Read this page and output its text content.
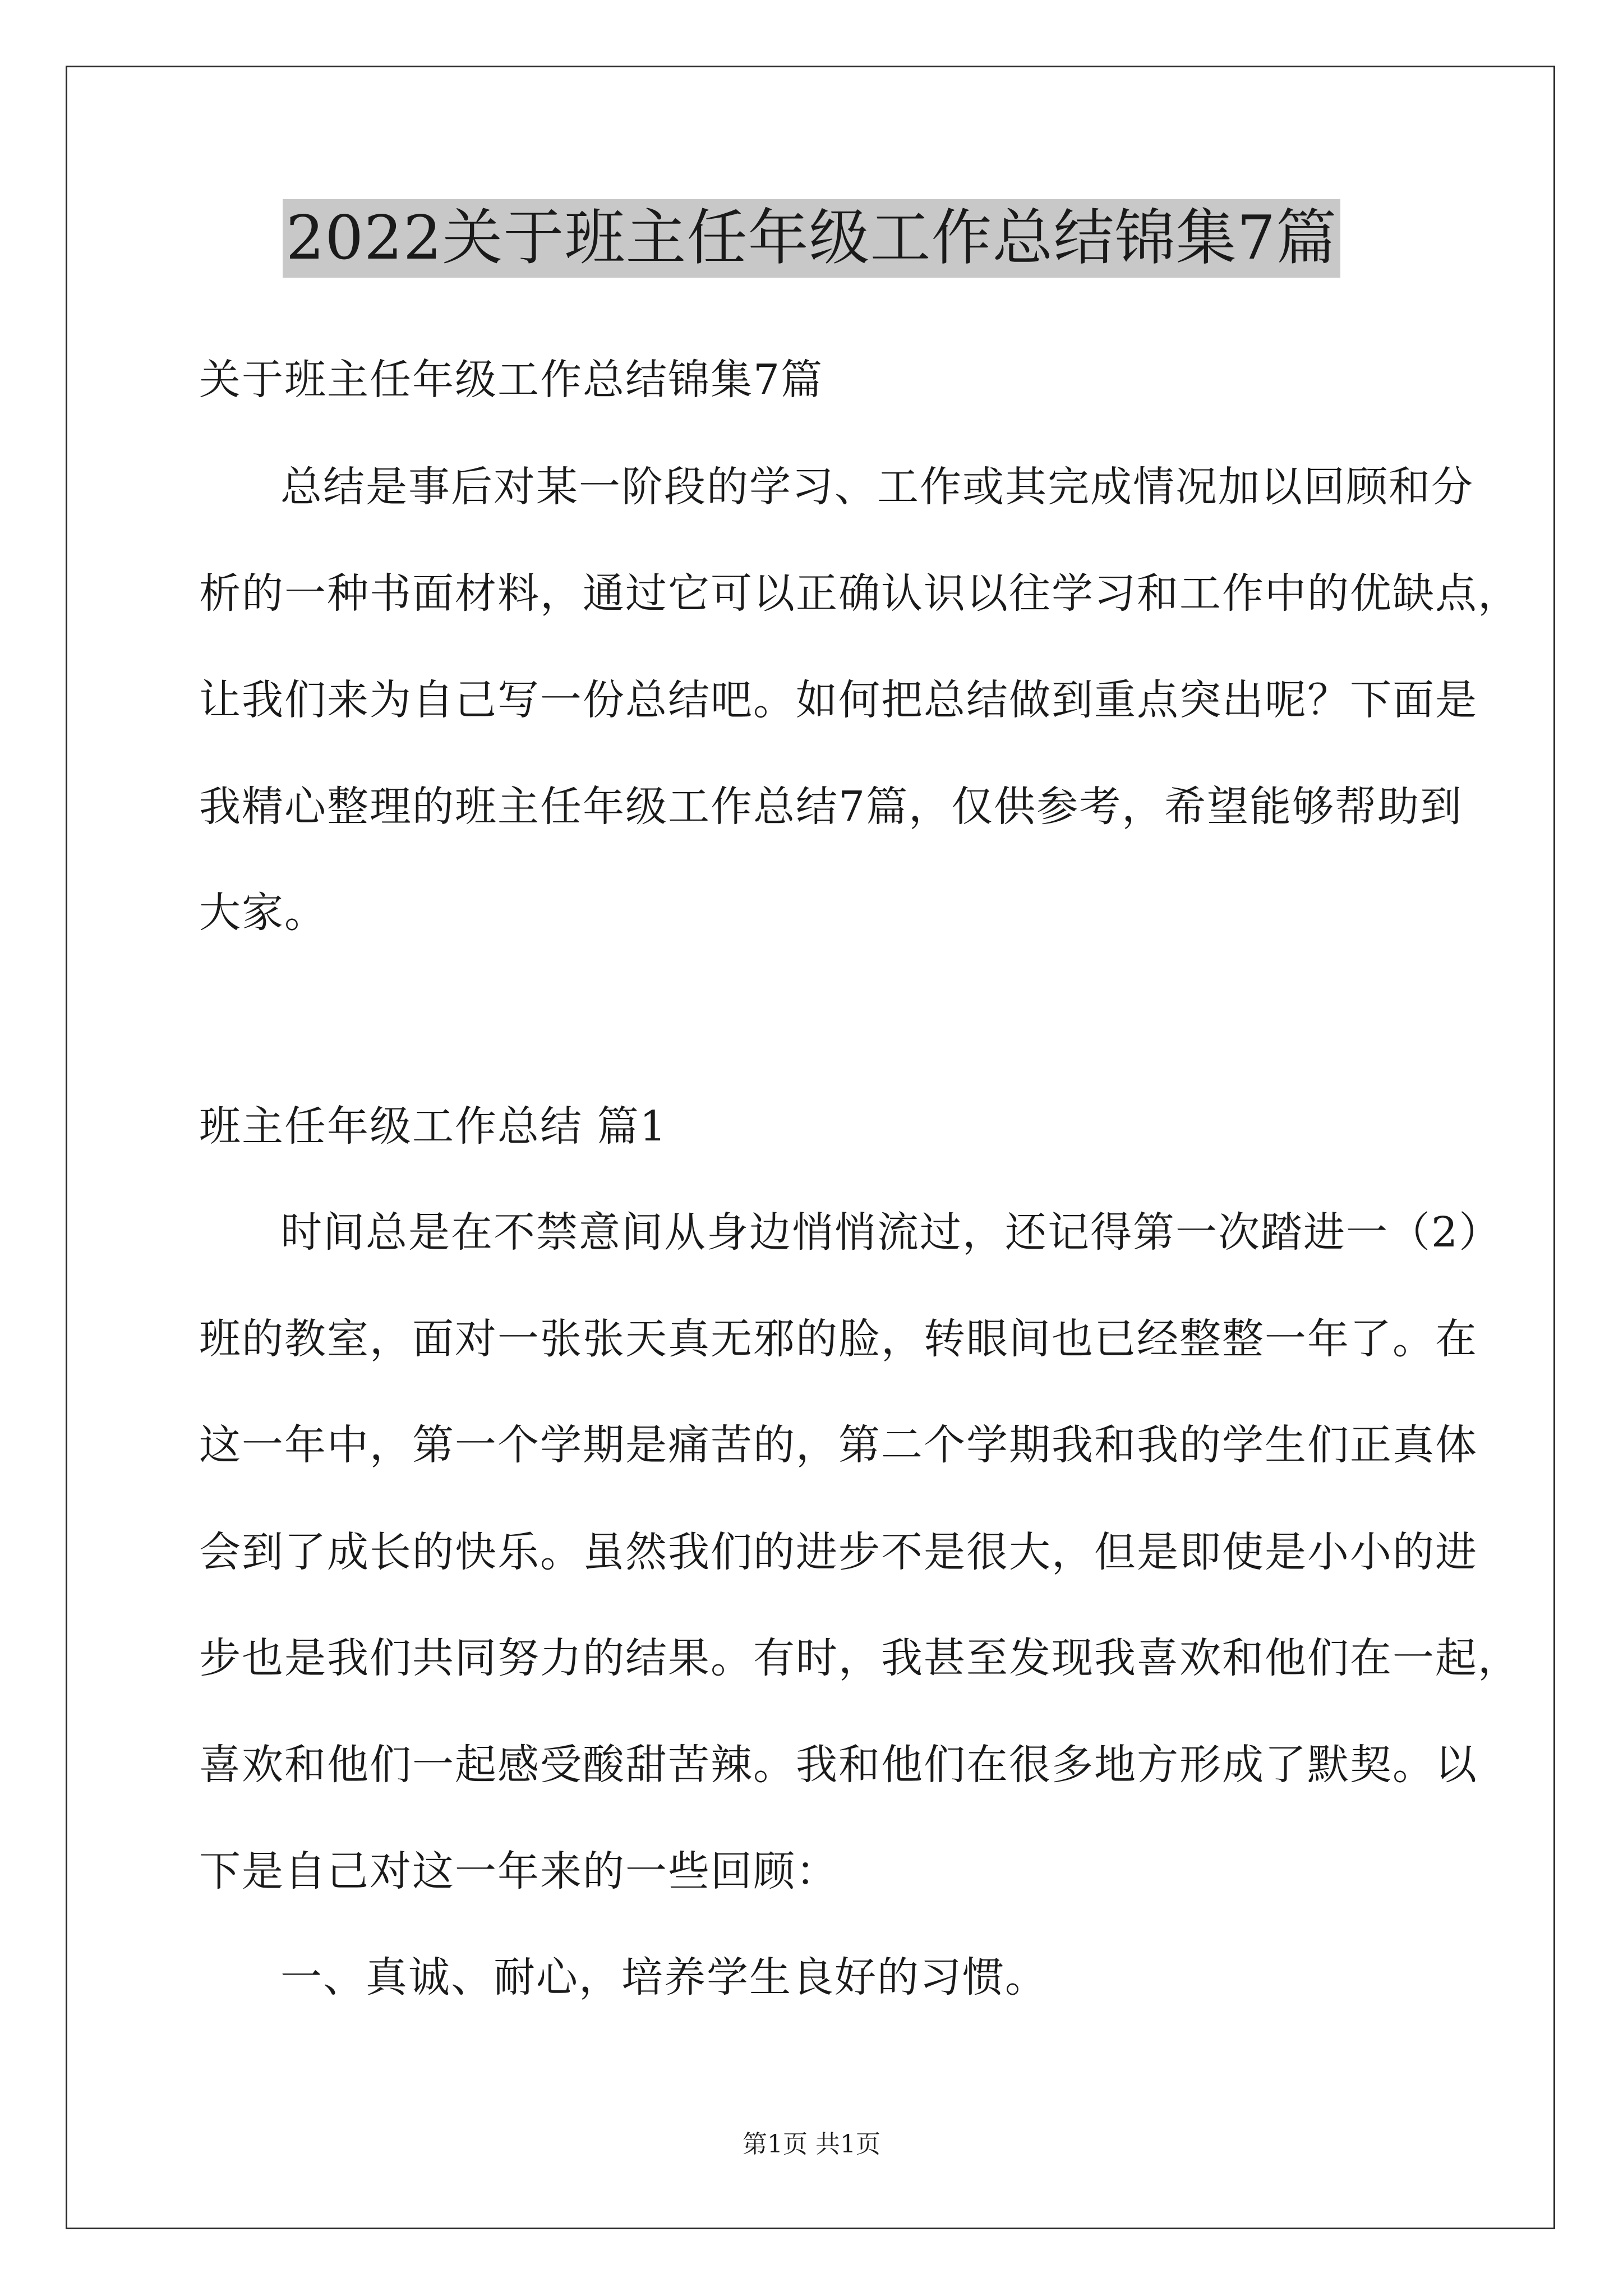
2022关于班主任年级工作总结锦集7篇
关于班主任年级工作总结锦集7篇
总结是事后对某一阶段的学习、工作或其完成情况加以回顾和分
析的一种书面材料，通过它可以正确认识以往学习和工作中的优缺点，
让我们来为自己写一份总结吧。如何把总结做到重点突出呢？下面是
我精心整理的班主任年级工作总结7篇，仅供参考，希望能够帮助到
大家。
班主任年级工作总结 篇1
时间总是在不禁意间从身边悄悄流过，还记得第一次踏进一（2）
班的教室，面对一张张天真无邪的脸，转眼间也已经整整一年了。在
这一年中，第一个学期是痛苦的，第二个学期我和我的学生们正真体
会到了成长的快乐。虽然我们的进步不是很大，但是即使是小小的进
步也是我们共同努力的结果。有时，我甚至发现我喜欢和他们在一起，
喜欢和他们一起感受酸甜苦辣。我和他们在很多地方形成了默契。以
下是自己对这一年来的一些回顾：
一、真诚、耐心，培养学生良好的习惯。
第1页 共1页
